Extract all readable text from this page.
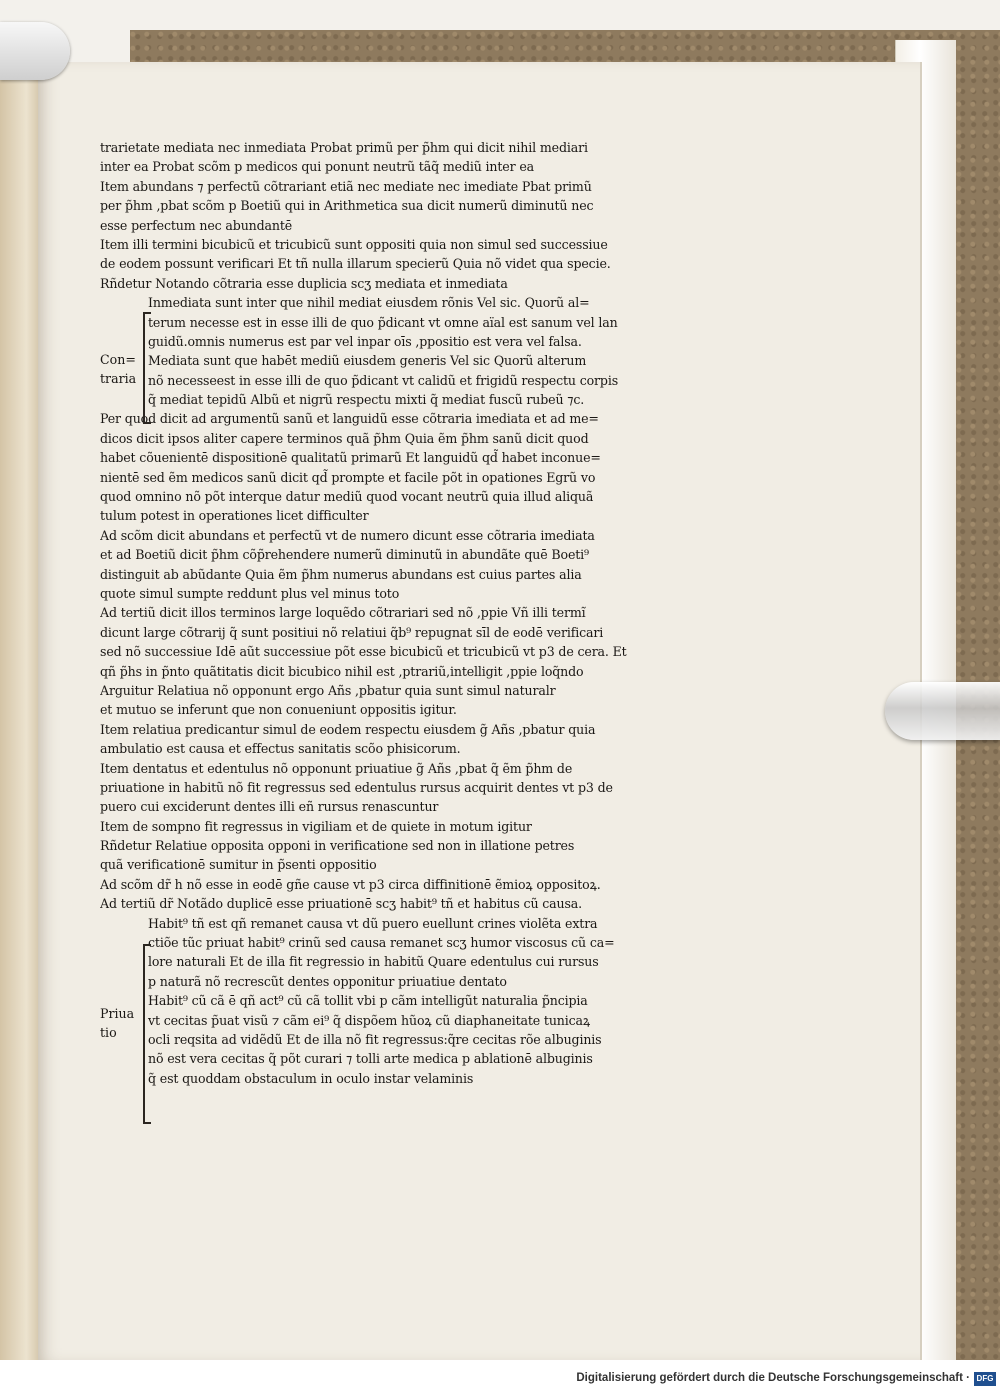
trarietate mediata nec inmediata Probat primũ per p̃hm qui dicit nihil mediari
inter ea Probat scõm p medicos qui ponunt neutrũ tãq̃ mediũ inter ea
Item abundans ⁊ perfectũ cõtrariant etiã nec mediate nec imediate Pbat primũ
per p̃hm ,pbat scõm p Boetiũ qui in Arithmetica sua dicit numerũ diminutũ nec
esse perfectum nec abundantē
Item illi termini bicubicũ et tricubicũ sunt oppositi quia non simul sed successiue
de eodem possunt verificari Et tñ nulla illarum specierũ Quia nõ videt qua specie.
Rñdetur Notando cõtraria esse duplicia scʒ mediata et inmediata
Inmediata sunt inter que nihil mediat eiusdem rõnis Vel sic. Quorũ al=
terum necesse est in esse illi de quo p̃dicant vt omne aïal est sanum vel lan
guidũ.omnis numerus est par vel inpar oīs ,ppositio est vera vel falsa.
Mediata sunt que habēt mediũ eiusdem generis Vel sic Quorũ alterum
nõ necesseest in esse illi de quo p̃dicant vt calidũ et frigidũ respectu corpis
q̃ mediat tepidũ Albũ et nigrũ respectu mixti q̃ mediat fuscũ rubeũ ⁊c.
Per quod dicit ad argumentũ sanũ et languidũ esse cõtraria imediata et ad me=
dicos dicit ipsos aliter capere terminos quã p̃hm Quia ẽm p̃hm sanũ dicit quod
habet cõuenientē dispositionē qualitatũ primarũ Et languidũ qd̃ habet inconue=
nientē sed ẽm medicos sanũ dicit qd̃ prompte et facile põt in opationes Egrũ vo
quod omnino nõ põt interque datur mediũ quod vocant neutrũ quia illud aliquã
tulum potest in operationes licet difficulter
Ad scõm dicit abundans et perfectũ vt de numero dicunt esse cõtraria imediata
et ad Boetiũ dicit p̃hm cõp̃rehendere numerũ diminutũ in abundãte quē Boeti⁹
distinguit ab abũdante Quia ẽm p̃hm numerus abundans est cuius partes alia
quote simul sumpte reddunt plus vel minus toto
Ad tertiũ dicit illos terminos large loquẽdo cõtrariari sed nõ ,ppie Vñ illi termĩ
dicunt large cõtrarij q̃ sunt positiui nõ relatiui q̃b⁹ repugnat sīl de eodē verificari
sed nõ successiue Idē aũt successiue põt esse bicubicũ et tricubicũ vt p3 de cera. Et
qñ p̃hs in p̃nto quãtitatis dicit bicubico nihil est ,ptrariũ,intelligit ,ppie loq̃ndo
Arguitur Relatiua nõ opponunt ergo Añs ,pbatur quia sunt simul naturalr
et mutuo se inferunt que non conueniunt oppositis igitur.
Item relatiua predicantur simul de eodem respectu eiusdem g̃ Añs ,pbatur quia
ambulatio est causa et effectus sanitatis scõo phisicorum.
Item dentatus et edentulus nõ opponunt priuatiue g̃ Añs ,pbat q̃ ẽm p̃hm de
priuatione in habitũ nõ fit regressus sed edentulus rursus acquirit dentes vt p3 de
puero cui exciderunt dentes illi eñ rursus renascuntur
Item de sompno fit regressus in vigiliam et de quiete in motum igitur
Rñdetur Relatiue opposita opponi in verificatione sed non in illatione petres
quã verificationē sumitur in p̃senti oppositio
Ad scõm dr̃ h nõ esse in eodē gñe cause vt p3 circa diffinitionē ẽmioꝝ oppositoꝝ.
Ad tertiũ dr̃ Notãdo duplicē esse priuationē scʒ habit⁹ tñ et habitus cũ causa.
Habit⁹ tñ est qñ remanet causa vt dũ puero euellunt crines violẽta extra
ctiõe tũc priuat habit⁹ crinũ sed causa remanet scʒ humor viscosus cũ ca=
lore naturali Et de illa fit regressio in habitũ Quare edentulus cui rursus
p naturã nõ recrescũt dentes opponitur priuatiue dentato
Habit⁹ cũ cã ē qñ act⁹ cũ cã tollit vbi p cãm intelligũt naturalia p̃ncipia
vt cecitas p̃uat visũ ⁊ cãm ei⁹ q̃ dispõem hũoꝝ cũ diaphaneitate tunicaꝝ
ocli reqsita ad vidẽdũ Et de illa nõ fit regressus:q̃re cecitas rõe albuginis
nõ est vera cecitas q̃ põt curari ⁊ tolli arte medica p ablationē albuginis
q̃ est quoddam obstaculum in oculo instar velaminis
Con=
traria
Priua
tio
Digitalisierung gefördert durch die Deutsche Forschungsgemeinschaft · DFG
